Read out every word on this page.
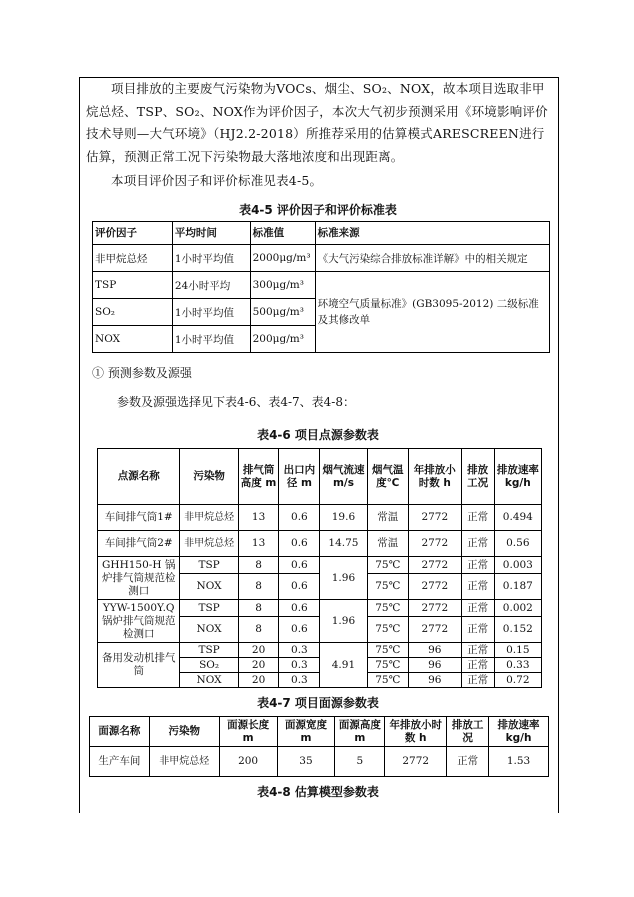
项目排放的主要废气污染物为VOCs、烟尘、SO₂、NOX，故本项目选取非甲烷总烃、TSP、SO₂、NOX作为评价因子，本次大气初步预测采用《环境影响评价技术导则—大气环境》（HJ2.2-2018）所推荐采用的估算模式ARESCREEN进行估算，预测正常工况下污染物最大落地浓度和出现距离。
本项目评价因子和评价标准见表4-5。
表4-5 评价因子和评价标准表
评价因子	平均时间	标准值	标准来源
非甲烷总烃	1小时平均值	2000μg/m³	《大气污染综合排放标准详解》中的相关规定
TSP	24小时平均	300μg/m³	环境空气质量标准》(GB3095-2012) 二级标准及其修改单
SO₂	1小时平均值	500μg/m³	
NOX	1小时平均值	200μg/m³	
① 预测参数及源强
参数及源强选择见下表4-6、表4-7、表4-8：
表4-6 项目点源参数表
点源名称	污染物	排气筒高度 m	出口内径 m	烟气流速 m/s	烟气温度℃	年排放小时数 h	排放工况	排放速率 kg/h
车间排气筒1#	非甲烷总烃	13	0.6	19.6	常温	2772	正常	0.494
车间排气筒2#	非甲烷总烃	13	0.6	14.75	常温	2772	正常	0.56
GHH150-H 锅炉排气筒规范检测口	TSP	8	0.6	1.96	75℃	2772	正常	0.003
	NOX	8	0.6		75℃	2772	正常	0.187
YYW-1500Y.Q 锅炉排气筒规范检测口	TSP	8	0.6	1.96	75℃	2772	正常	0.002
	NOX	8	0.6		75℃	2772	正常	0.152
备用发动机排气筒	TSP	20	0.3	4.91	75℃	96	正常	0.15
	SO₂	20	0.3		75℃	96	正常	0.33
	NOX	20	0.3		75℃	96	正常	0.72
表4-7 项目面源参数表
面源名称	污染物	面源长度 m	面源宽度 m	面源高度 m	年排放小时数 h	排放工况	排放速率 kg/h
生产车间	非甲烷总烃	200	35	5	2772	正常	1.53
表4-8 估算模型参数表
